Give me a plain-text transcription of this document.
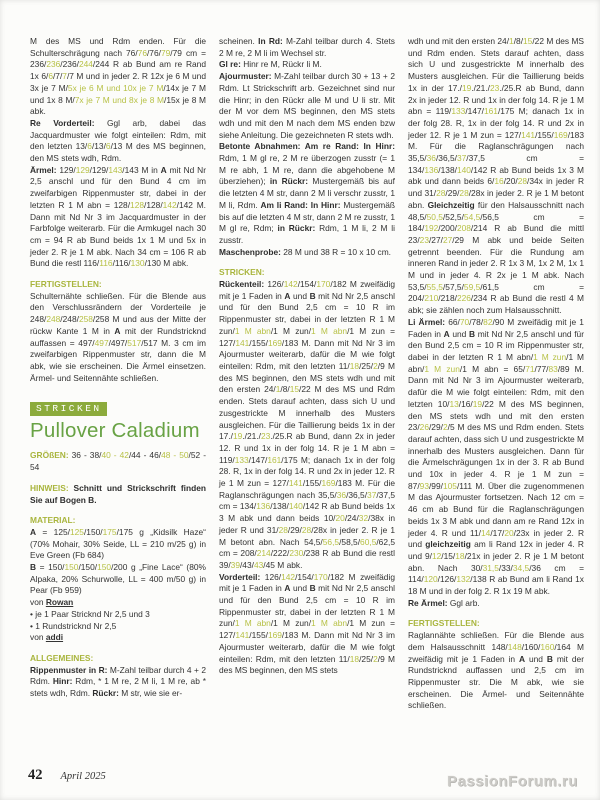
M des MS und Rdm enden. Für die Schulterschrägung nach 76/76/76/79/79 cm = 236/236/236/244/244 R ab Bund am re Rand 1x 6/6/7/7/7 M und in jeder 2. R 12x je 6 M und 3x je 7 M/5x je 6 M und 10x je 7 M/14x je 7 M und 1x 8 M/7x je 7 M und 8x je 8 M/15x je 8 M abk.

Re Vorderteil: Ggl arb, dabei das Jacquardmuster wie folgt einteilen: Rdm, mit den letzten 13/6/13/6/13 M des MS beginnen, den MS stets wdh, Rdm.

Ärmel: 129/129/129/143/143 M in A mit Nd Nr 2,5 anschl und für den Bund 4 cm im zweifarbigen Rippenmuster str, dabei in der letzten R 1 M abn = 128/128/128/142/142 M. Dann mit Nd Nr 3 im Jacquardmuster in der Farbfolge weiterarb. Für die Armkugel nach 30 cm = 94 R ab Bund beids 1x 1 M und 5x in jeder 2. R je 1 M abk. Nach 34 cm = 106 R ab Bund die restl 116/116/116/130/130 M abk.

FERTIGSTELLEN:

Schulternähte schließen. Für die Blende aus den Verschlussrändern der Vorderteile je 248/248/248/258/258 M und aus der Mitte der rückw Kante 1 M in A mit der Rundstricknd auffassen = 497/497/497/517/517 M. 3 cm im zweifarbigen Rippenmuster str, dann die M abk, wie sie erscheinen. Die Ärmel einsetzen. Ärmel- und Seitennähte schließen.

STRICKEN
Pullover Caladium

GRÖßEN: 36 - 38/40 - 42/44 - 46/48 - 50/52 - 54

HINWEIS: Schnitt und Strickschrift finden Sie auf Bogen B.

MATERIAL:

A = 125/125/150/175/175 g „Kidsilk Haze“ (70% Mohair, 30% Seide, LL = 210 m/25 g) in Eve Green (Fb 684)

B = 150/150/150/150/200 g „Fine Lace“ (80% Alpaka, 20% Schurwolle, LL = 400 m/50 g) in Pear (Fb 959)

von Rowan

• je 1 Paar Stricknd Nr 2,5 und 3

• 1 Rundstricknd Nr 2,5

von addi

ALLGEMEINES:

Rippenmuster in R: M-Zahl teilbar durch 4 + 2 Rdm. Hinr: Rdm, * 1 M re, 2 M li, 1 M re, ab * stets wdh, Rdm. Rückr: M str, wie sie er-

scheinen. In Rd: M-Zahl teilbar durch 4. Stets 2 M re, 2 M li im Wechsel str.

Gl re: Hinr re M, Rückr li M.

Ajourmuster: M-Zahl teilbar durch 30 + 13 + 2 Rdm. Lt Strickschrift arb. Gezeichnet sind nur die Hinr; in den Rückr alle M und U li str. Mit der M vor dem MS beginnen, den MS stets wdh und mit den M nach dem MS enden bzw siehe Anleitung. Die gezeichneten R stets wdh.

Betonte Abnahmen: Am re Rand: In Hinr: Rdm, 1 M gl re, 2 M re überzogen zusstr (= 1 M re abh, 1 M re, dann die abgehobene M überziehen); in Rückr: Mustergemäß bis auf die letzten 4 M str, dann 2 M li verschr zusstr, 1 M li, Rdm. Am li Rand: In Hinr: Mustergemäß bis auf die letzten 4 M str, dann 2 M re zusstr, 1 M gl re, Rdm; in Rückr: Rdm, 1 M li, 2 M li zusstr.

Maschenprobe: 28 M und 38 R = 10 x 10 cm.

STRICKEN:

Rückenteil: 126/142/154/170/182 M zweifädig mit je 1 Faden in A und B mit Nd Nr 2,5 anschl und für den Bund 2,5 cm = 10 R im Rippenmuster str, dabei in der letzten R 1 M zun/1 M abn/1 M zun/1 M abn/1 M zun = 127/141/155/169/183 M. Dann mit Nd Nr 3 im Ajourmuster weiterarb, dafür die M wie folgt einteilen: Rdm, mit den letzten 11/18/25/2/9 M des MS beginnen, den MS stets wdh und mit den ersten 24/1/8/15/22 M des MS und Rdm enden. Stets darauf achten, dass sich U und zusgestrickte M innerhalb des Musters ausgleichen. Für die Taillierung beids 1x in der 17./19./21./23./25.R ab Bund, dann 2x in jeder 12. R und 1x in der folg 14. R je 1 M abn = 119/133/147/161/175 M; danach 1x in der folg 28. R, 1x in der folg 14. R und 2x in jeder 12. R je 1 M zun = 127/141/155/169/183 M. Für die Raglanschrägungen nach 35,5/36/36,5/37/37,5 cm = 134/136/138/140/142 R ab Bund beids 1x 3 M abk und dann beids 10/20/24/32/38x in jeder R und 31/28/29/28/28x in jeder 2. R je 1 M betont abn. Nach 54,5/56,5/58,5/60,5/62,5 cm = 208/214/222/230/238 R ab Bund die restl 39/39/43/43/45 M abk.

Vorderteil: 126/142/154/170/182 M zweifädig mit je 1 Faden in A und B mit Nd Nr 2,5 anschl und für den Bund 2,5 cm = 10 R im Rippenmuster str, dabei in der letzten R 1 M zun/1 M abn/1 M zun/1 M abn/1 M zun = 127/141/155/169/183 M. Dann mit Nd Nr 3 im Ajourmuster weiterarb, dafür die M wie folgt einteilen: Rdm, mit den letzten 11/18/25/2/9 M des MS beginnen, den MS stets

wdh und mit den ersten 24/1/8/15/22 M des MS und Rdm enden. Stets darauf achten, dass sich U und zusgestrickte M innerhalb des Musters ausgleichen. Für die Taillierung beids 1x in der 17./19./21./23./25.R ab Bund, dann 2x in jeder 12. R und 1x in der folg 14. R je 1 M abn = 119/133/147/161/175 M; danach 1x in der folg 28. R, 1x in der folg 14. R und 2x in jeder 12. R je 1 M zun = 127/141/155/169/183 M. Für die Raglanschrägungen nach 35,5/36/36,5/37/37,5 cm = 134/136/138/140/142 R ab Bund beids 1x 3 M abk und dann beids 6/16/20/28/34x in jeder R und 31/28/29/28/28x in jeder 2. R je 1 M betont abn. Gleichzeitig für den Halsausschnitt nach 48,5/50,5/52,5/54,5/56,5 cm = 184/192/200/208/214 R ab Bund die mittl 23/23/27/27/29 M abk und beide Seiten getrennt beenden. Für die Rundung am inneren Rand in jeder 2. R 1x 3 M, 1x 2 M, 1x 1 M und in jeder 4. R 2x je 1 M abk. Nach 53,5/55,5/57,5/59,5/61,5 cm = 204/210/218/226/234 R ab Bund die restl 4 M abk; sie zählen noch zum Halsausschnitt.

Li Ärmel: 66/70/78/82/90 M zweifädig mit je 1 Faden in A und B mit Nd Nr 2,5 anschl und für den Bund 2,5 cm = 10 R im Rippenmuster str, dabei in der letzten R 1 M abn/1 M zun/1 M abn/1 M zun/1 M abn = 65/71/77/83/89 M. Dann mit Nd Nr 3 im Ajourmuster weiterarb, dafür die M wie folgt einteilen: Rdm, mit den letzten 10/13/16/19/22 M des MS beginnen, den MS stets wdh und mit den ersten 23/26/29/2/5 M des MS und Rdm enden. Stets darauf achten, dass sich U und zusgestrickte M innerhalb des Musters ausgleichen. Dann für die Ärmelschrägungen 1x in der 3. R ab Bund und 10x in jeder 4. R je 1 M zun = 87/93/99/105/111 M. Über die zugenommenen M das Ajourmuster fortsetzen. Nach 12 cm = 46 cm ab Bund für die Raglanschrägungen beids 1x 3 M abk und dann am re Rand 12x in jeder 4. R und 11/14/17/20/23x in jeder 2. R und gleichzeitig am li Rand 12x in jeder 4. R und 9/12/15/18/21x in jeder 2. R je 1 M betont abn. Nach 30/31,5/33/34,5/36 cm = 114/120/126/132/138 R ab Bund am li Rand 1x 18 M und in der folg 2. R 1x 19 M abk.

Re Ärmel: Ggl arb.

FERTIGSTELLEN:

Raglannähte schließen. Für die Blende aus dem Halsausschnitt 148/148/160/160/164 M zweifädig mit je 1 Faden in A und B mit der Rundstricknd auffassen und 2,5 cm im Rippenmuster str. Die M abk, wie sie erscheinen. Die Ärmel- und Seitennähte schließen.

42 April 2025	PassionForum.ru
